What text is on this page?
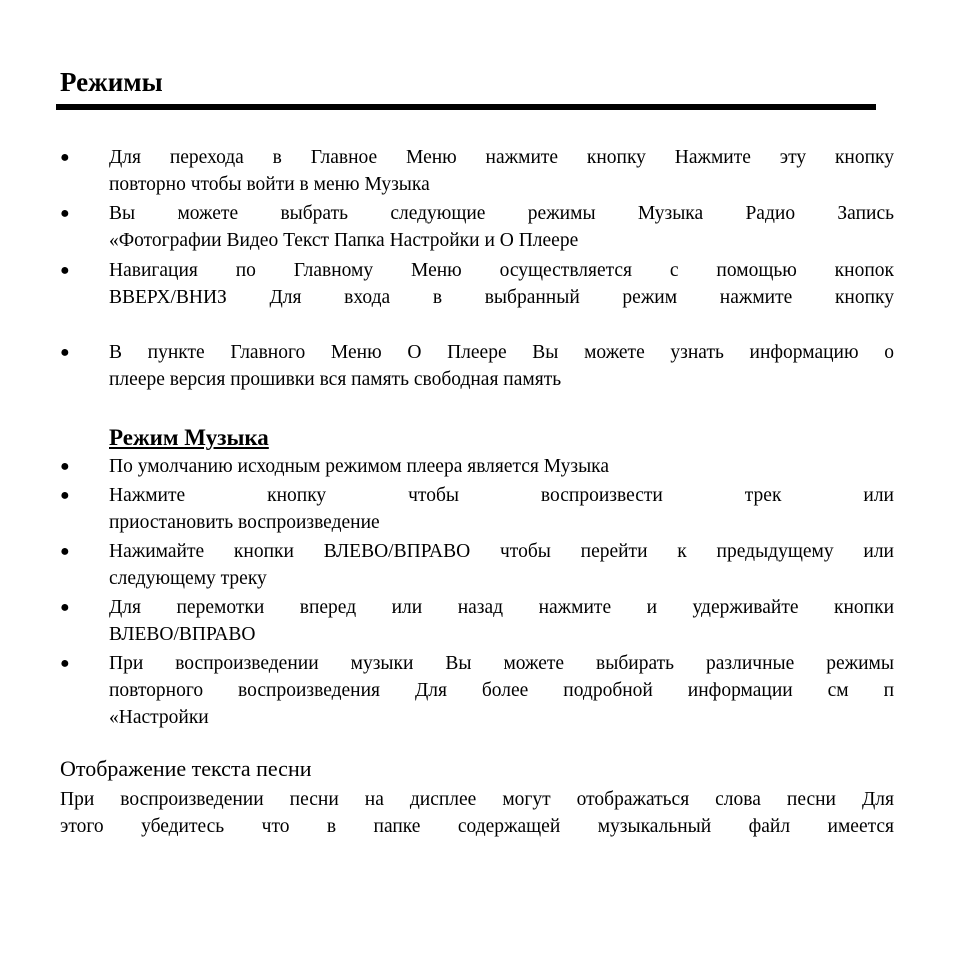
Режимы
●	Для перехода в Главное Меню нажмите кнопку Нажмите эту кнопку
повторно чтобы войти в меню Музыка
●	Вы можете выбрать следующие режимы Музыка Радио Запись
«Фотографии Видео Текст Папка Настройки и О Плеере
●	Навигация по Главному Меню осуществляется с помощью кнопок
ВВЕРХ/ВНИЗ Для входа в выбранный режим нажмите кнопку
●	В пункте Главного Меню О Плеере Вы можете узнать информацию о
плеере версия прошивки вся память свободная память
Режим Музыка
●	По умолчанию исходным режимом плеера является Музыка
●	Нажмите кнопку чтобы воспроизвести трек или
приостановить воспроизведение
●	Нажимайте кнопки ВЛЕВО/ВПРАВО чтобы перейти к предыдущему или
следующему треку
●	Для перемотки вперед или назад нажмите и удерживайте кнопки
ВЛЕВО/ВПРАВО
●	При воспроизведении музыки Вы можете выбирать различные режимы
повторного воспроизведения Для более подробной информации см п
«Настройки
Отображение текста песни
При воспроизведении песни на дисплее могут отображаться слова песни Для
этого убедитесь что в папке содержащей музыкальный файл имеется
